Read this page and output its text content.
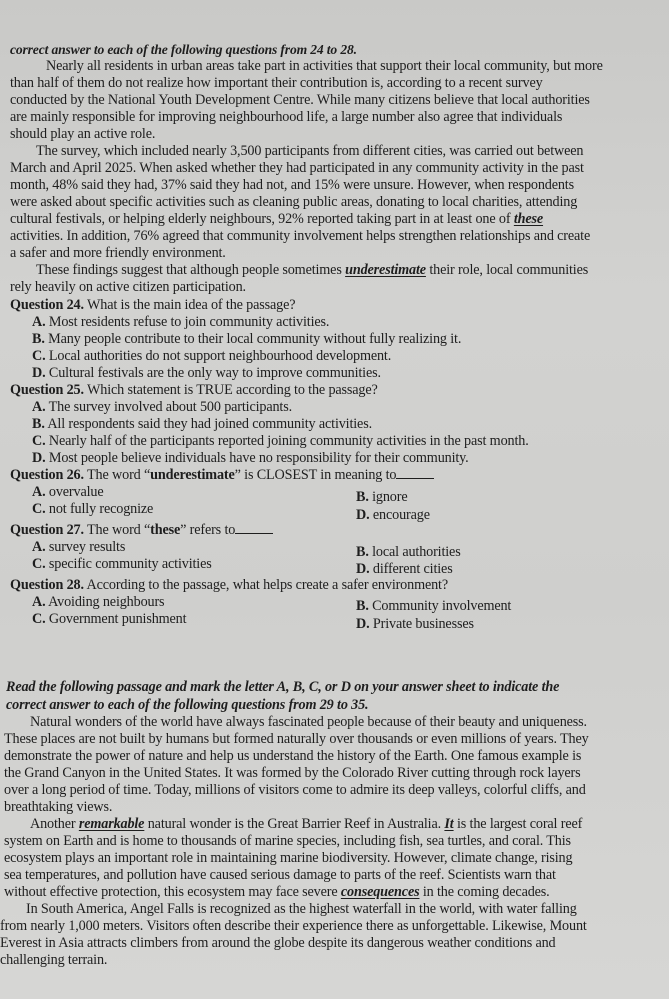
correct answer to each of the following questions from 24 to 28.
Nearly all residents in urban areas take part in activities that support their local community, but more
than half of them do not realize how important their contribution is, according to a recent survey
conducted by the National Youth Development Centre. While many citizens believe that local authorities
are mainly responsible for improving neighbourhood life, a large number also agree that individuals
should play an active role.
The survey, which included nearly 3,500 participants from different cities, was carried out between
March and April 2025. When asked whether they had participated in any community activity in the past
month, 48% said they had, 37% said they had not, and 15% were unsure. However, when respondents
were asked about specific activities such as cleaning public areas, donating to local charities, attending
cultural festivals, or helping elderly neighbours, 92% reported taking part in at least one of these
activities. In addition, 76% agreed that community involvement helps strengthen relationships and create
a safer and more friendly environment.
These findings suggest that although people sometimes underestimate their role, local communities
rely heavily on active citizen participation.
Question 24. What is the main idea of the passage?
A. Most residents refuse to join community activities.
B. Many people contribute to their local community without fully realizing it.
C. Local authorities do not support neighbourhood development.
D. Cultural festivals are the only way to improve communities.
Question 25. Which statement is TRUE according to the passage?
A. The survey involved about 500 participants.
B. All respondents said they had joined community activities.
C. Nearly half of the participants reported joining community activities in the past month.
D. Most people believe individuals have no responsibility for their community.
Question 26. The word “underestimate” is CLOSEST in meaning to
A. overvalue	B. ignore
C. not fully recognize	D. encourage
Question 27. The word “these” refers to
A. survey results	B. local authorities
C. specific community activities	D. different cities
Question 28. According to the passage, what helps create a safer environment?
A. Avoiding neighbours	B. Community involvement
C. Government punishment	D. Private businesses
Read the following passage and mark the letter A, B, C, or D on your answer sheet to indicate the
correct answer to each of the following questions from 29 to 35.
Natural wonders of the world have always fascinated people because of their beauty and uniqueness.
These places are not built by humans but formed naturally over thousands or even millions of years. They
demonstrate the power of nature and help us understand the history of the Earth. One famous example is
the Grand Canyon in the United States. It was formed by the Colorado River cutting through rock layers
over a long period of time. Today, millions of visitors come to admire its deep valleys, colorful cliffs, and
breathtaking views.
Another remarkable natural wonder is the Great Barrier Reef in Australia. It is the largest coral reef
system on Earth and is home to thousands of marine species, including fish, sea turtles, and coral. This
ecosystem plays an important role in maintaining marine biodiversity. However, climate change, rising
sea temperatures, and pollution have caused serious damage to parts of the reef. Scientists warn that
without effective protection, this ecosystem may face severe consequences in the coming decades.
In South America, Angel Falls is recognized as the highest waterfall in the world, with water falling
from nearly 1,000 meters. Visitors often describe their experience there as unforgettable. Likewise, Mount
Everest in Asia attracts climbers from around the globe despite its dangerous weather conditions and
challenging terrain.
